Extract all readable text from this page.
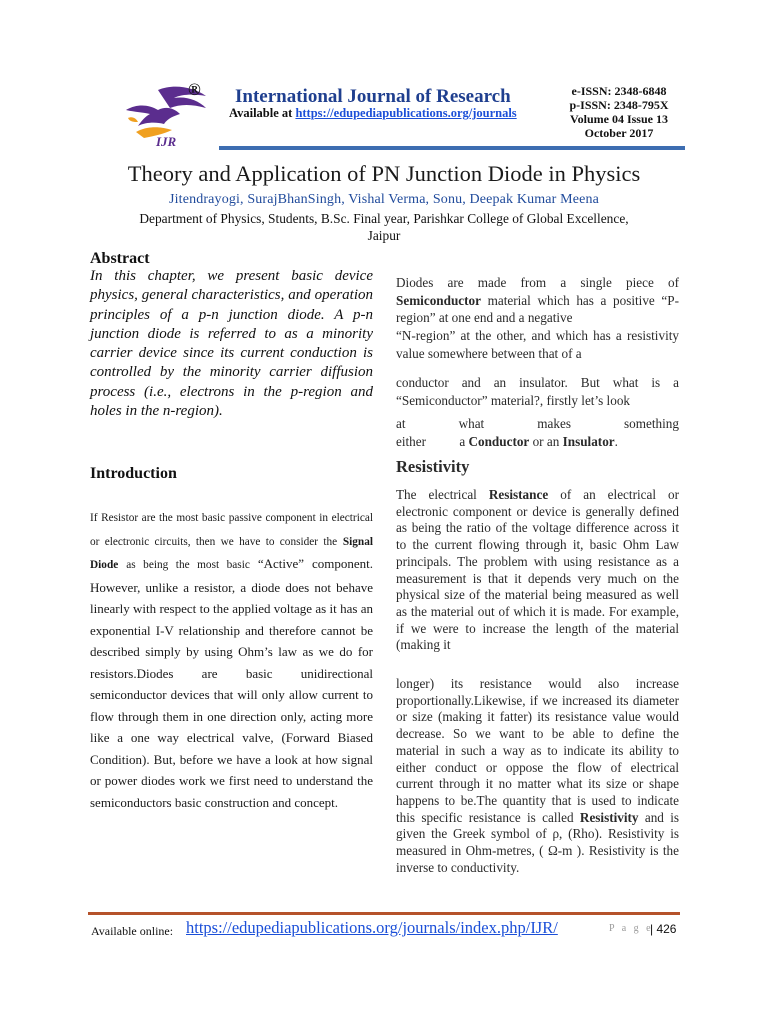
IJR
® International Journal of Research
Available at https://edupediapublications.org/journals
e-ISSN: 2348-6848
p-ISSN: 2348-795X
Volume 04 Issue 13
October 2017
Theory and Application of PN Junction Diode in Physics
Jitendrayogi, SurajBhanSingh, Vishal Verma, Sonu, Deepak Kumar Meena
Department of Physics, Students, B.Sc. Final year, Parishkar College of Global Excellence,
Jaipur
Abstract
In this chapter, we present basic device physics, general characteristics, and operation principles of a p-n junction diode. A p-n junction diode is referred to as a minority carrier device since its current conduction is controlled by the minority carrier diffusion process (i.e., electrons in the p-region and holes in the n-region).
Introduction
If Resistor are the most basic passive component in electrical or electronic circuits, then we have to consider the Signal Diode as being the most basic “Active” component. However, unlike a resistor, a diode does not behave linearly with respect to the applied voltage as it has an exponential I-V relationship and therefore cannot be described simply by using Ohm’s law as we do for resistors.Diodes are basic unidirectional semiconductor devices that will only allow current to flow through them in one direction only, acting more like a one way electrical valve, (Forward Biased Condition). But, before we have a look at how signal or power diodes work we first need to understand the semiconductors basic construction and concept.
Diodes are made from a single piece of Semiconductor material which has a positive “P-region” at one end and a negative
“N-region” at the other, and which has a resistivity value somewhere between that of a
conductor and an insulator. But what is a “Semiconductor” material?, firstly let’s look
at what makes something either a Conductor or an Insulator.
Resistivity
The electrical Resistance of an electrical or electronic component or device is generally defined as being the ratio of the voltage difference across it to the current flowing through it, basic Ohm Law principals. The problem with using resistance as a measurement is that it depends very much on the physical size of the material being measured as well as the material out of which it is made. For example, if we were to increase the length of the material (making it
longer) its resistance would also increase proportionally.Likewise, if we increased its diameter or size (making it fatter) its resistance value would decrease. So we want to be able to define the material in such a way as to indicate its ability to either conduct or oppose the flow of electrical current through it no matter what its size or shape happens to be.The quantity that is used to indicate this specific resistance is called Resistivity and is given the Greek symbol of ρ, (Rho). Resistivity is measured in Ohm-metres, ( Ω-m ). Resistivity is the inverse to conductivity.
Available online: https://edupediapublications.org/journals/index.php/IJR/	P a g e
| 426
